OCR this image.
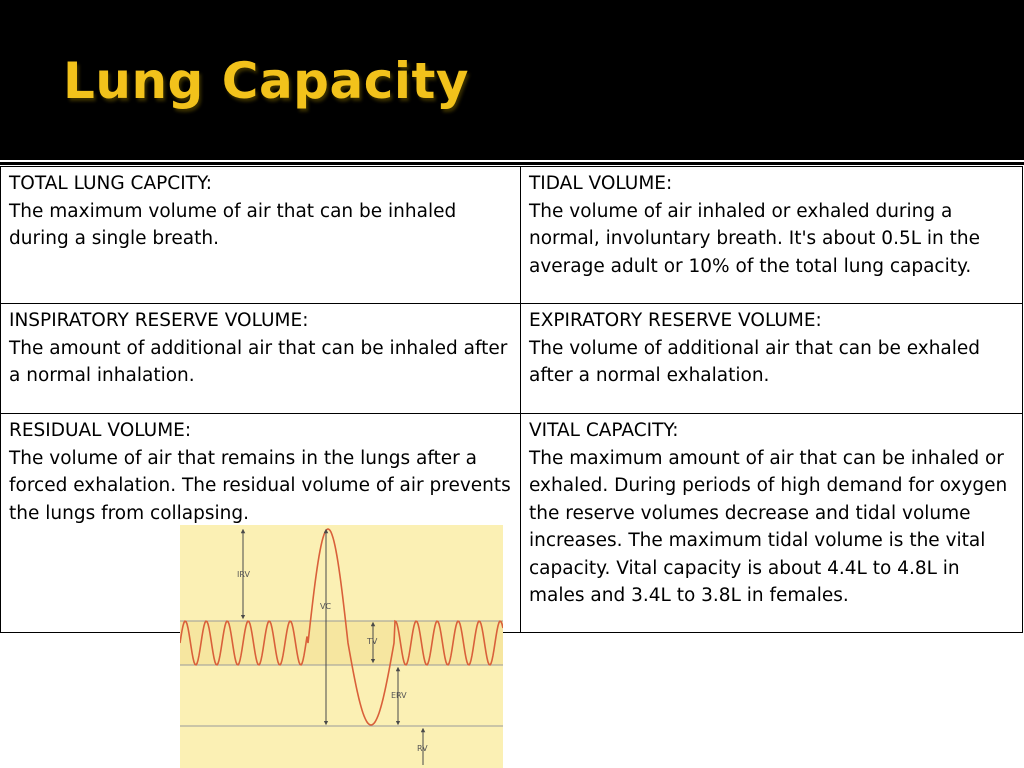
Lung Capacity
TOTAL LUNG CAPCITY:
The maximum volume of air that can be inhaled during a single breath.
TIDAL VOLUME:
The volume of air inhaled or exhaled during a normal, involuntary breath. It's about 0.5L in the average adult or 10% of the total lung capacity.
INSPIRATORY RESERVE VOLUME:
The amount of additional air that can be inhaled after a normal inhalation.
EXPIRATORY RESERVE VOLUME:
The volume of additional air that can be exhaled after a normal exhalation.
RESIDUAL VOLUME:
The volume of air that remains in the lungs after a forced exhalation. The residual volume of air prevents the lungs from collapsing.
VITAL CAPACITY:
The maximum amount of air that can be inhaled or exhaled. During periods of high demand for oxygen the reserve volumes decrease and tidal volume increases. The maximum tidal volume is the vital capacity. Vital capacity is about 4.4L to 4.8L in males and 3.4L to 3.8L in females.
IRV
VC
TV
ERV
RV
